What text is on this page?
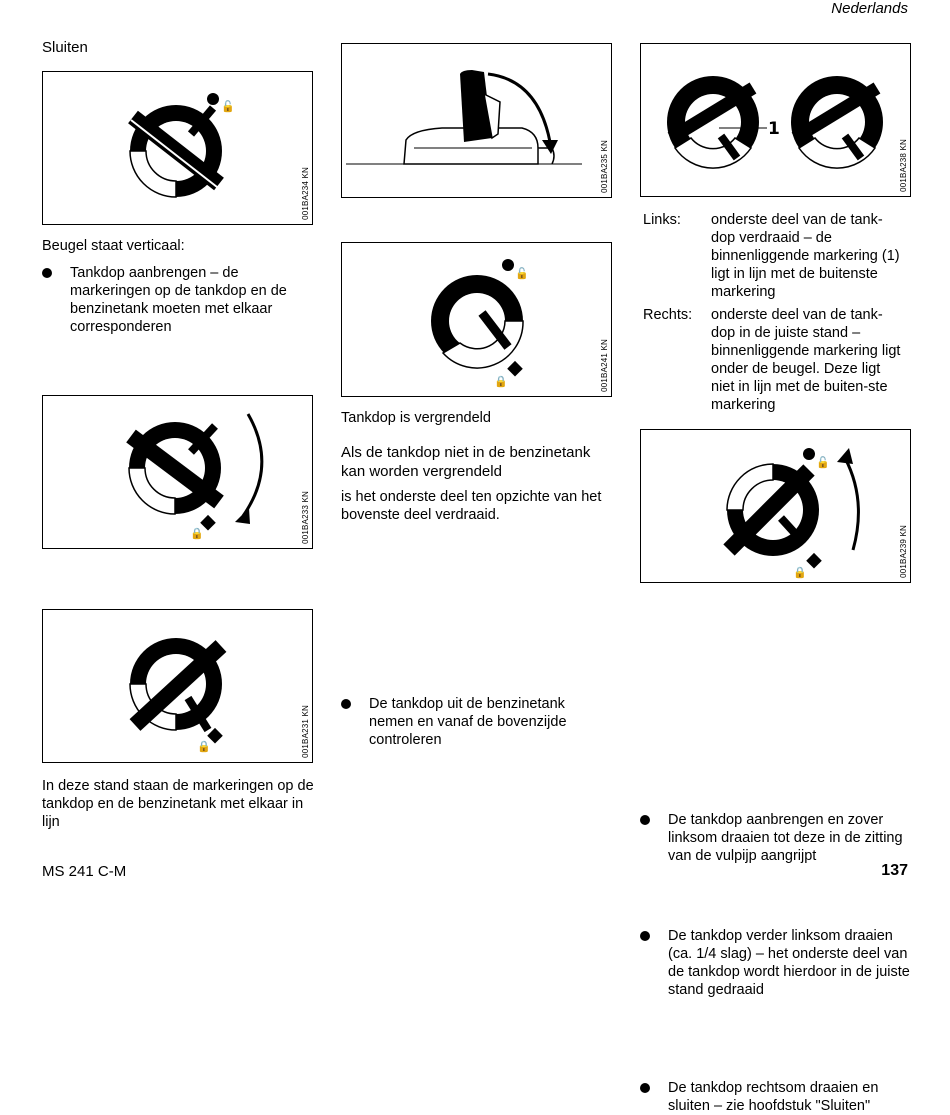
Nederlands
Sluiten
🔓
001BA234 KN
Beugel staat verticaal:
Tankdop aanbrengen – de markeringen op de tankdop en de benzinetank moeten met elkaar corresponderen
🔒	001BA233 KN
🔒	001BA231 KN
In deze stand staan de markeringen op de tankdop en de benzinetank met elkaar in lijn
001BA235 KN
🔓
🔒	001BA241 KN
Tankdop is vergrendeld
Als de tankdop niet in de benzinetank kan worden vergrendeld
is het onderste deel ten opzichte van het bovenste deel verdraaid.
De tankdop uit de benzinetank nemen en vanaf de bovenzijde controleren
1
001BA238 KN
Links:	onderste deel van de tank-dop verdraaid – de binnenliggende markering (1) ligt in lijn met de buitenste markering
Rechts:	onderste deel van de tank-dop in de juiste stand – binnenliggende markering ligt onder de beugel. Deze ligt niet in lijn met de buiten-ste markering
🔓
🔒	001BA239 KN
De tankdop aanbrengen en zover linksom draaien tot deze in de zitting van de vulpijp aangrijpt
De tankdop verder linksom draaien (ca. 1/4 slag) – het onderste deel van de tankdop wordt hierdoor in de juiste stand gedraaid
De tankdop rechtsom draaien en sluiten – zie hoofdstuk "Sluiten"
MS 241 C-M	137
